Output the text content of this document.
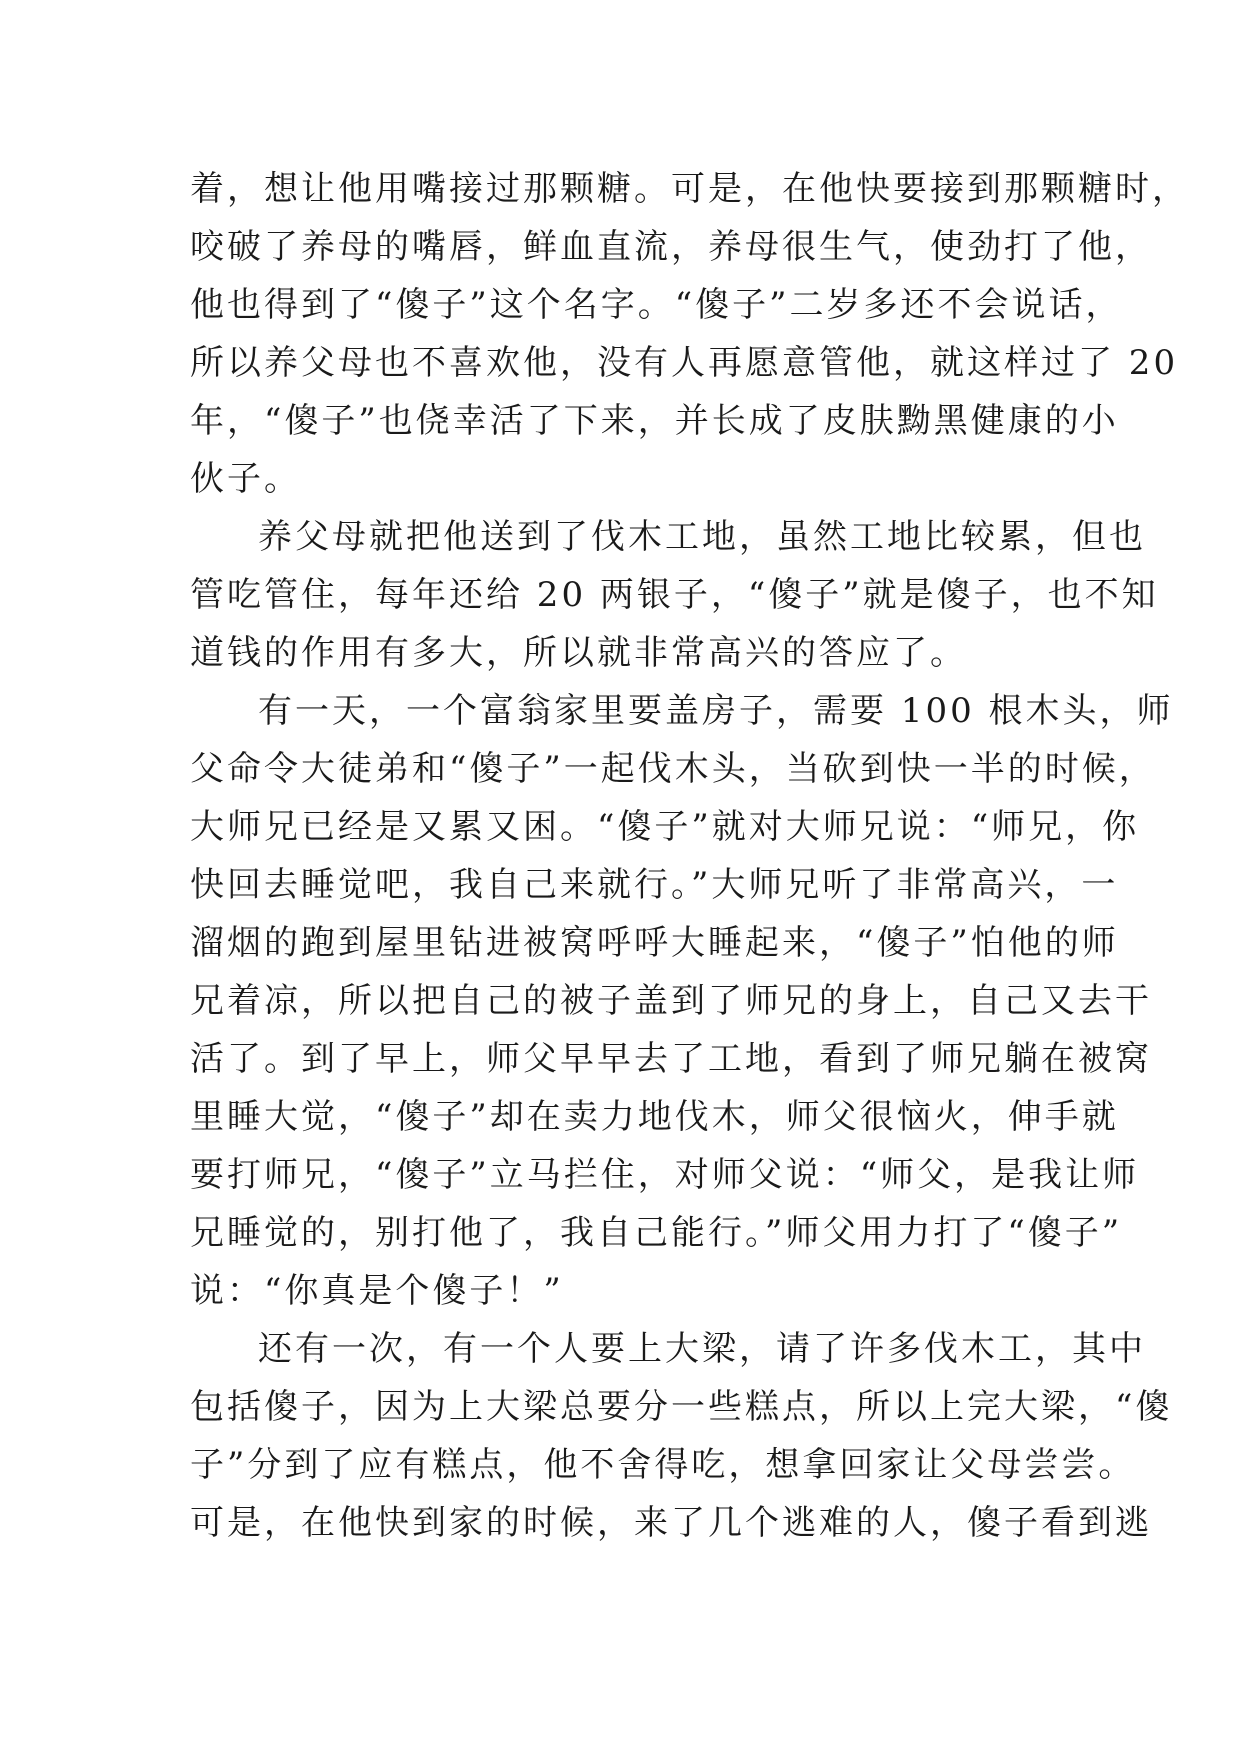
着，想让他用嘴接过那颗糖。可是，在他快要接到那颗糖时，
咬破了养母的嘴唇，鲜血直流，养母很生气，使劲打了他，
他也得到了“傻子”这个名字。“傻子”二岁多还不会说话，
所以养父母也不喜欢他，没有人再愿意管他，就这样过了 20
年，“傻子”也侥幸活了下来，并长成了皮肤黝黑健康的小
伙子。
养父母就把他送到了伐木工地，虽然工地比较累，但也
管吃管住，每年还给 20 两银子，“傻子”就是傻子，也不知
道钱的作用有多大，所以就非常高兴的答应了。
有一天，一个富翁家里要盖房子，需要 100 根木头，师
父命令大徒弟和“傻子”一起伐木头，当砍到快一半的时候，
大师兄已经是又累又困。“傻子”就对大师兄说：“师兄，你
快回去睡觉吧，我自己来就行。”大师兄听了非常高兴，一
溜烟的跑到屋里钻进被窝呼呼大睡起来，“傻子”怕他的师
兄着凉，所以把自己的被子盖到了师兄的身上，自己又去干
活了。到了早上，师父早早去了工地，看到了师兄躺在被窝
里睡大觉，“傻子”却在卖力地伐木，师父很恼火，伸手就
要打师兄，“傻子”立马拦住，对师父说：“师父，是我让师
兄睡觉的，别打他了，我自己能行。”师父用力打了“傻子”
说：“你真是个傻子！”
还有一次，有一个人要上大梁，请了许多伐木工，其中
包括傻子，因为上大梁总要分一些糕点，所以上完大梁，“傻
子”分到了应有糕点，他不舍得吃，想拿回家让父母尝尝。
可是，在他快到家的时候，来了几个逃难的人，傻子看到逃
